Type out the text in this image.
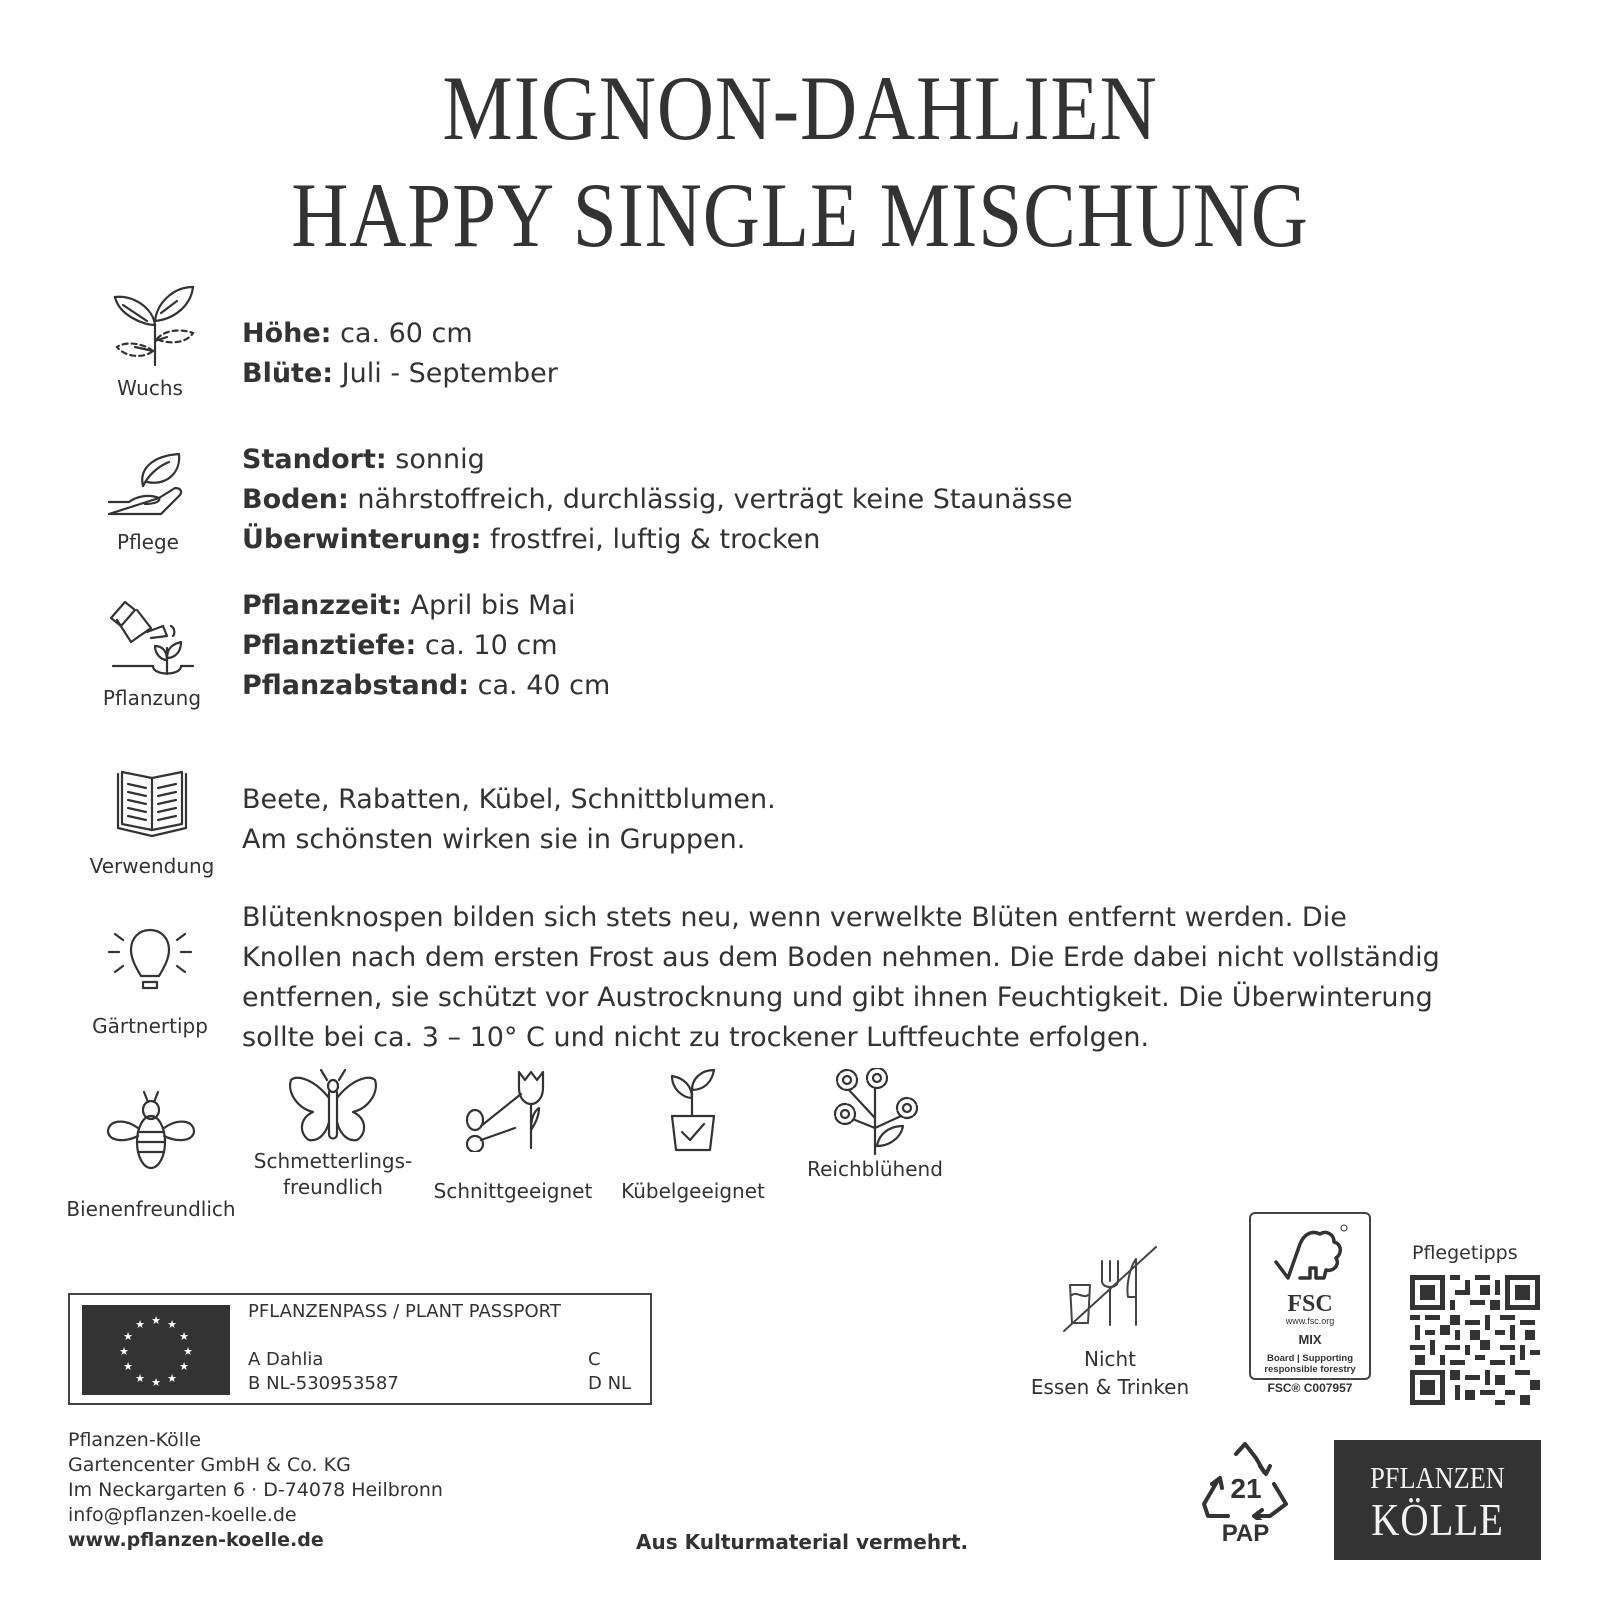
MIGNON-DAHLIEN
HAPPY SINGLE MISCHUNG
Wuchs
Höhe: ca. 60 cm
Blüte: Juli - September
Pflege
Standort: sonnig
Boden: nährstoffreich, durchlässig, verträgt keine Staunässe
Überwinterung: frostfrei, luftig & trocken
Pflanzung
Pflanzzeit: April bis Mai
Pflanztiefe: ca. 10 cm
Pflanzabstand: ca. 40 cm
Verwendung
Beete, Rabatten, Kübel, Schnittblumen.
Am schönsten wirken sie in Gruppen.
Gärtnertipp
Blütenknospen bilden sich stets neu, wenn verwelkte Blüten entfernt werden. Die
Knollen nach dem ersten Frost aus dem Boden nehmen. Die Erde dabei nicht vollständig
entfernen, sie schützt vor Austrocknung und gibt ihnen Feuchtigkeit. Die Überwinterung
sollte bei ca. 3 – 10° C und nicht zu trockener Luftfeuchte erfolgen.
Bienenfreundlich
Schmetterlings-
freundlich	Schnittgeeignet	Kübelgeeignet
Reichblühend
★ ★
★
★
★
★
★
★
★
★
★
★
PFLANZENPASS / PLANT PASSPORT
A Dahlia
B NL-530953587
C
D NL
Nicht
Essen & Trinken
FSC
www.fsc.org
MIX
Board | Supporting
responsible forestry
FSC® C007957
Pflegetipps
Pflanzen-Kölle
Gartencenter GmbH & Co. KG
Im Neckargarten 6 · D-74078 Heilbronn
info@pflanzen-koelle.de
www.pflanzen-koelle.de	Aus Kulturmaterial vermehrt.
21
PAP
PFLANZEN
KÖLLE
